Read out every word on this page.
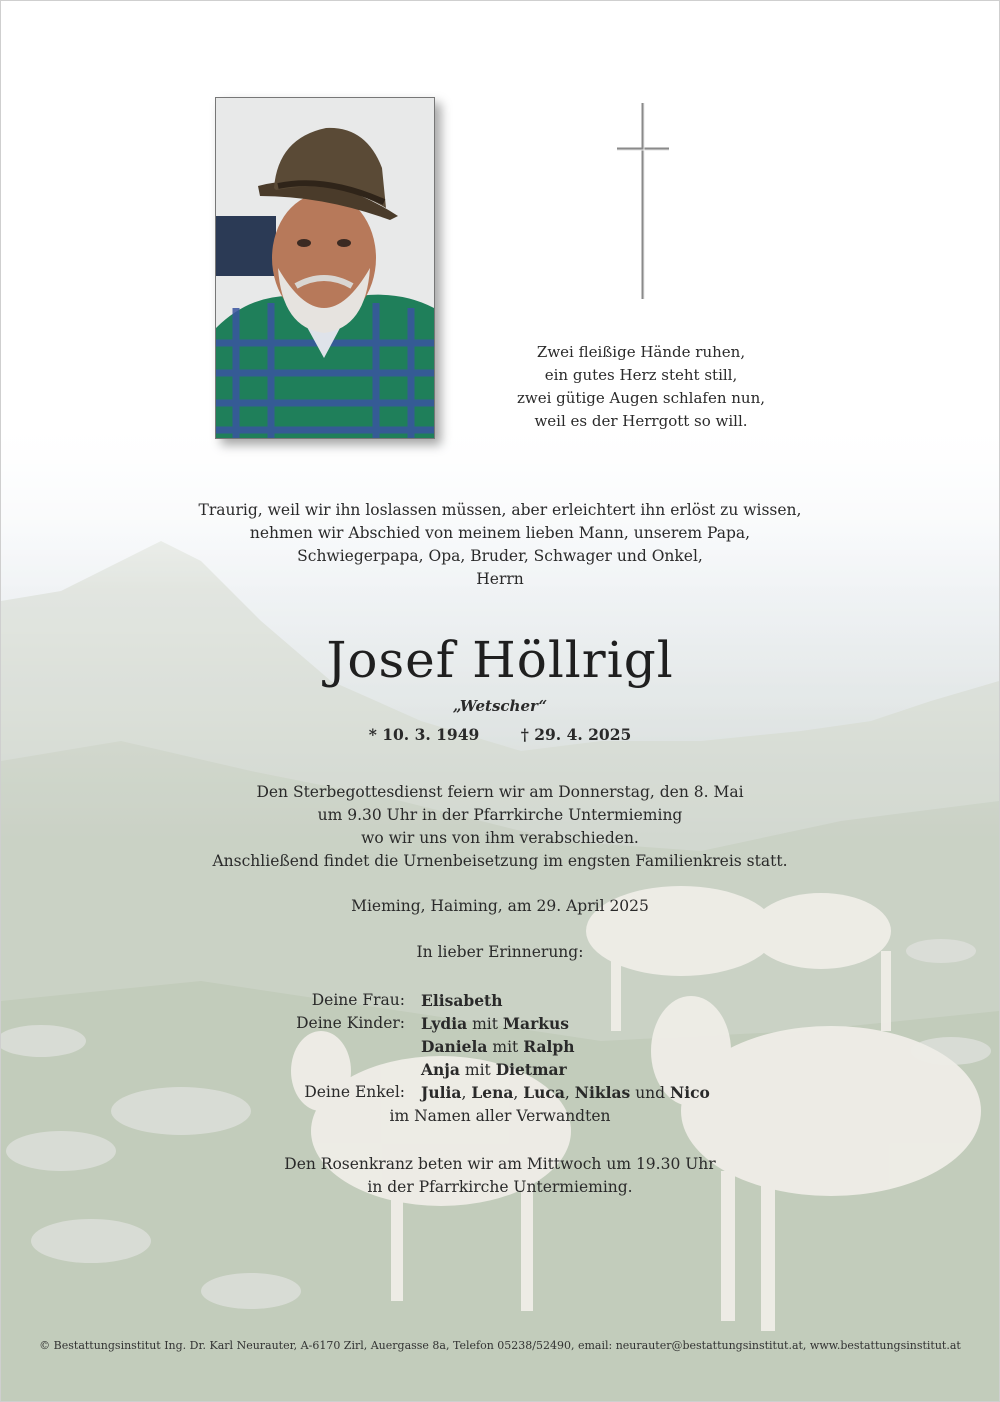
Zwei fleißige Hände ruhen,
ein gutes Herz steht still,
zwei gütige Augen schlafen nun,
weil es der Herrgott so will.
Traurig, weil wir ihn loslassen müssen, aber erleichtert ihn erlöst zu wissen,
nehmen wir Abschied von meinem lieben Mann, unserem Papa,
Schwiegerpapa, Opa, Bruder, Schwager und Onkel,
Herrn
Josef Höllrigl
„Wetscher“
* 10. 3. 1949	† 29. 4. 2025
Den Sterbegottesdienst feiern wir am Donnerstag, den 8. Mai
um 9.30 Uhr in der Pfarrkirche Untermieming
wo wir uns von ihm verabschieden.
Anschließend findet die Urnenbeisetzung im engsten Familienkreis statt.
Mieming, Haiming, am 29. April 2025
In lieber Erinnerung:
Deine Frau: Elisabeth
Deine Kinder: Lydia mit Markus
Daniela mit Ralph
Anja mit Dietmar
Deine Enkel: Julia, Lena, Luca, Niklas und Nico
im Namen aller Verwandten
Den Rosenkranz beten wir am Mittwoch um 19.30 Uhr
in der Pfarrkirche Untermieming.
© Bestattungsinstitut Ing. Dr. Karl Neurauter, A-6170 Zirl, Auergasse 8a, Telefon 05238/52490, email: neurauter@bestattungsinstitut.at, www.bestattungsinstitut.at
